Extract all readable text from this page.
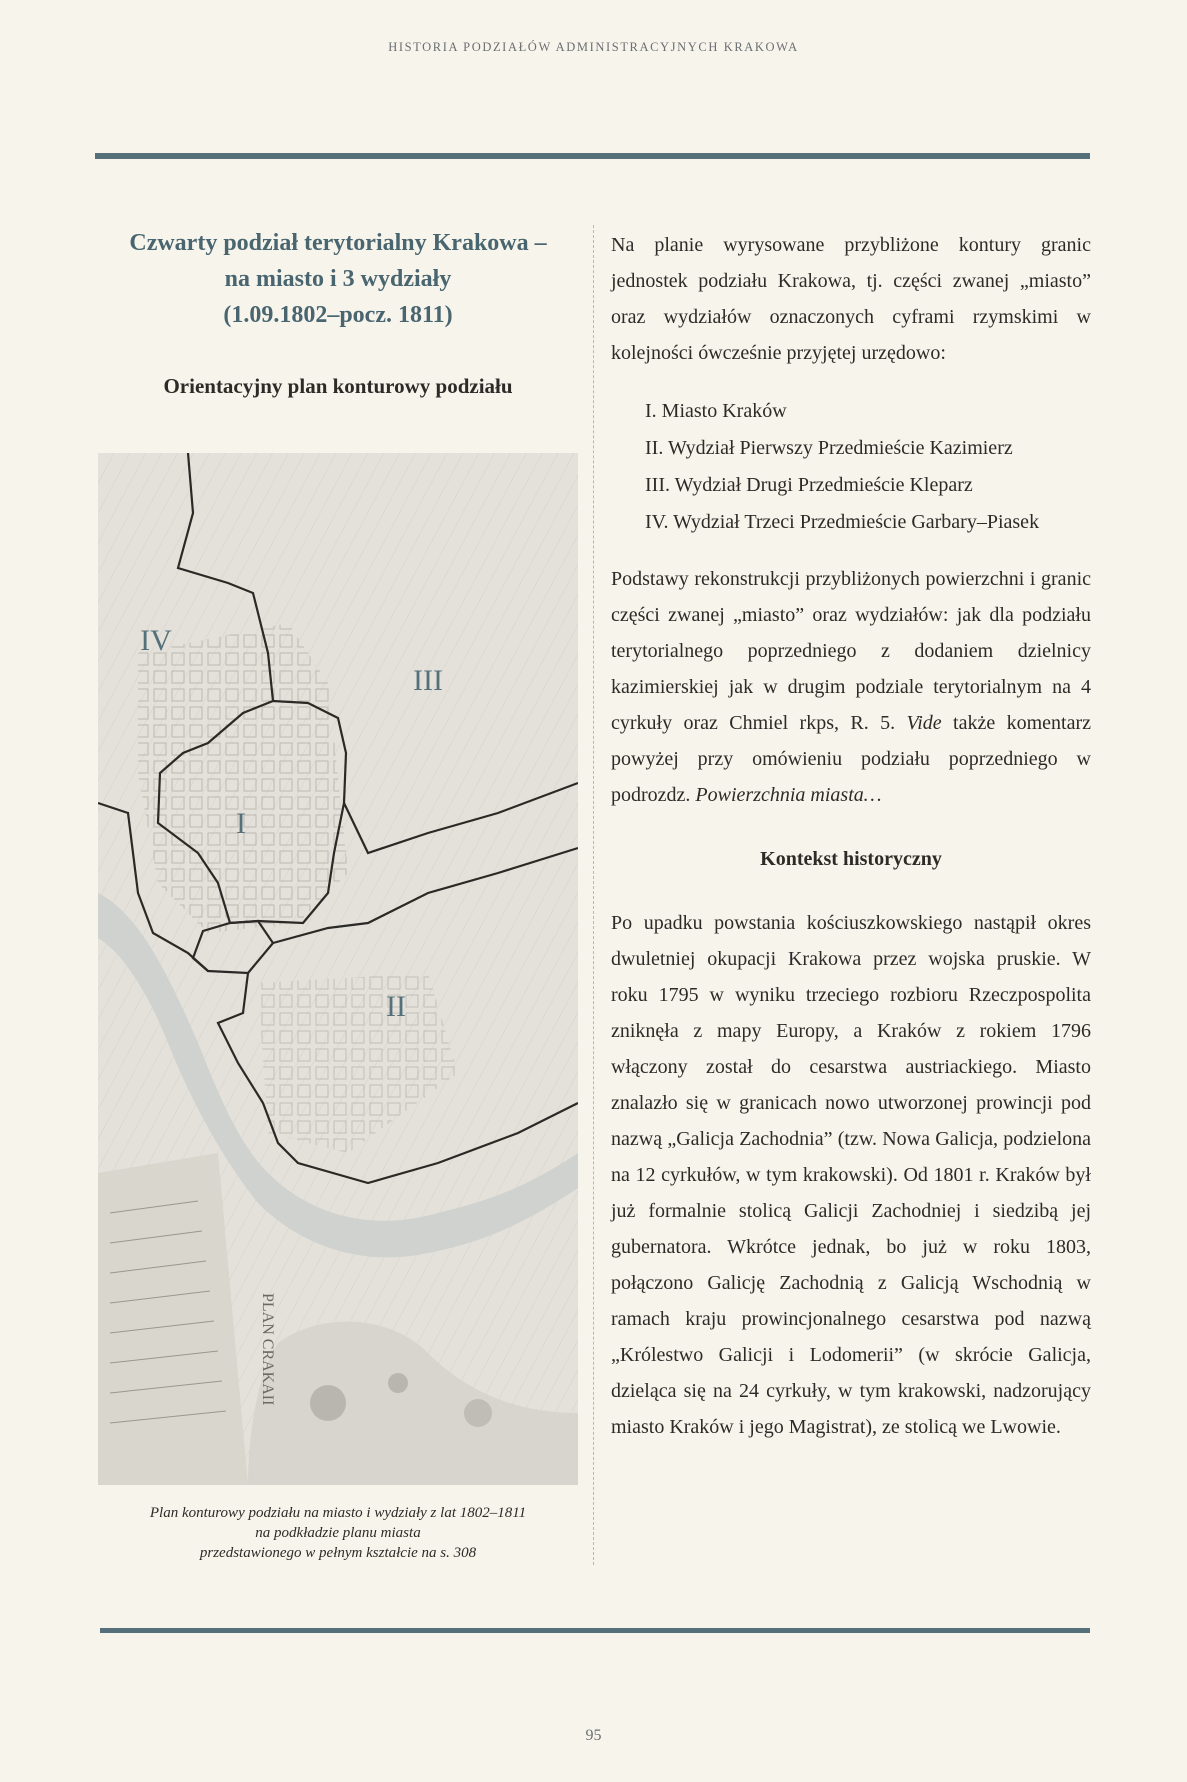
HISTORIA PODZIAŁÓW ADMINISTRACYJNYCH KRAKOWA
Czwarty podział terytorialny Krakowa –
na miasto i 3 wydziały
(1.09.1802–pocz. 1811)
Orientacyjny plan konturowy podziału
PLAN CRAKAII
IV
III
I
II
Plan konturowy podziału na miasto i wydziały z lat 1802–1811
na podkładzie planu miasta
przedstawionego w pełnym kształcie na s. 308

Na planie wyrysowane przybliżone kontury granic jednostek podziału Krakowa, tj. części zwanej „miasto” oraz wydziałów oznaczonych cyframi rzymskimi w kolejności ówcześnie przyjętej urzędowo:

I. Miasto Kraków
II. Wydział Pierwszy Przedmieście Kazimierz
III. Wydział Drugi Przedmieście Kleparz
IV. Wydział Trzeci Przedmieście Garbary–Piasek

Podstawy rekonstrukcji przybliżonych powierzchni i granic części zwanej „miasto” oraz wydziałów: jak dla podziału terytorialnego poprzedniego z dodaniem dzielnicy kazimierskiej jak w drugim podziale terytorialnym na 4 cyrkuły oraz Chmiel rkps, R. 5. Vide także komentarz powyżej przy omówieniu podziału poprzedniego w podrozdz. Powierzchnia miasta…

Kontekst historyczny

Po upadku powstania kościuszkowskiego nastąpił okres dwuletniej okupacji Krakowa przez wojska pruskie. W roku 1795 w wyniku trzeciego rozbioru Rzeczpospolita zniknęła z mapy Europy, a Kraków z rokiem 1796 włączony został do cesarstwa austriackiego. Miasto znalazło się w granicach nowo utworzonej prowincji pod nazwą „Galicja Zachodnia” (tzw. Nowa Galicja, podzielona na 12 cyrkułów, w tym krakowski). Od 1801 r. Kraków był już formalnie stolicą Galicji Zachodniej i siedzibą jej gubernatora. Wkrótce jednak, bo już w roku 1803, połączono Galicję Zachodnią z Galicją Wschodnią w ramach kraju prowincjonalnego cesarstwa pod nazwą „Królestwo Galicji i Lodomerii” (w skrócie Galicja, dzieląca się na 24 cyrkuły, w tym krakowski, nadzorujący miasto Kraków i jego Magistrat), ze stolicą we Lwowie.

95
